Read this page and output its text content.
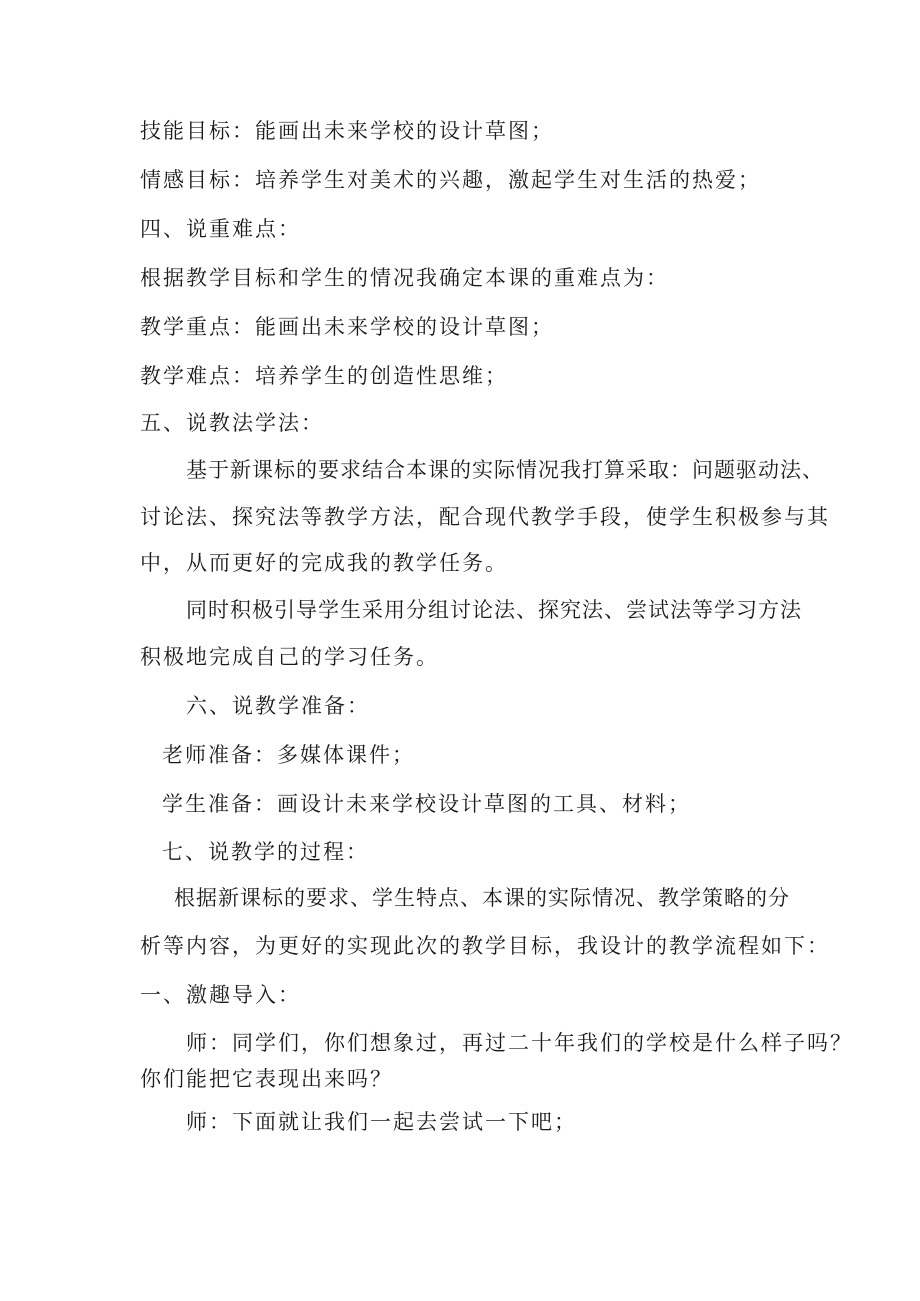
技能目标：能画出未来学校的设计草图；
情感目标：培养学生对美术的兴趣，激起学生对生活的热爱；
四、说重难点：
根据教学目标和学生的情况我确定本课的重难点为：
教学重点：能画出未来学校的设计草图；
教学难点：培养学生的创造性思维；
五、说教法学法：
基于新课标的要求结合本课的实际情况我打算采取：问题驱动法、
讨论法、探究法等教学方法，配合现代教学手段，使学生积极参与其
中，从而更好的完成我的教学任务。
同时积极引导学生采用分组讨论法、探究法、尝试法等学习方法
积极地完成自己的学习任务。
六、说教学准备：
老师准备：多媒体课件；
学生准备：画设计未来学校设计草图的工具、材料；
七、说教学的过程：
根据新课标的要求、学生特点、本课的实际情况、教学策略的分
析等内容，为更好的实现此次的教学目标，我设计的教学流程如下：
一、激趣导入：
师：同学们，你们想象过，再过二十年我们的学校是什么样子吗？
你们能把它表现出来吗？
师：下面就让我们一起去尝试一下吧；
